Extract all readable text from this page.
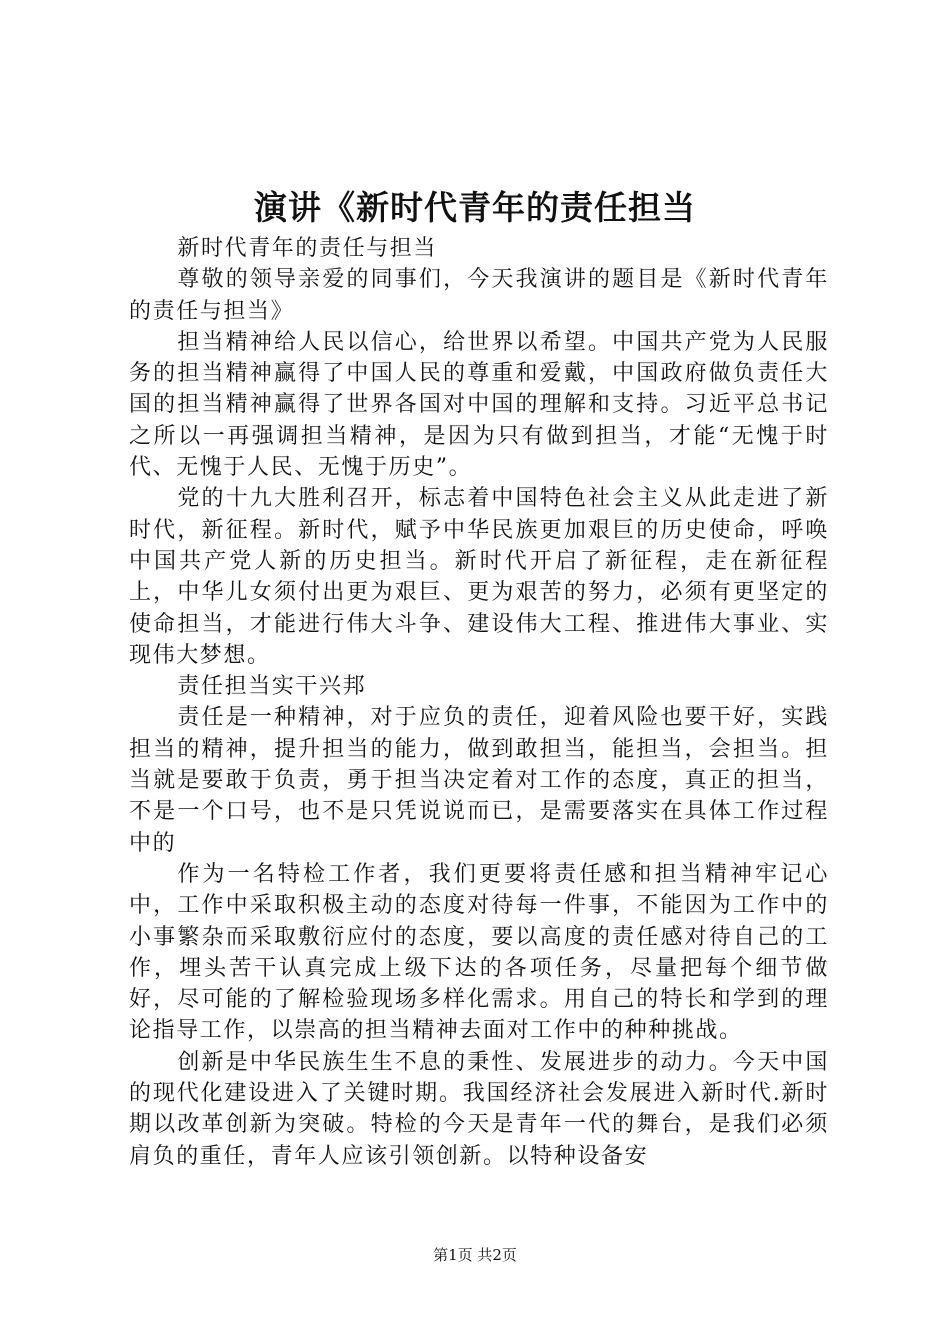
演讲《新时代青年的责任担当

新时代青年的责任与担当

尊敬的领导亲爱的同事们，今天我演讲的题目是《新时代青年的责任与担当》

担当精神给人民以信心，给世界以希望。中国共产党为人民服务的担当精神赢得了中国人民的尊重和爱戴，中国政府做负责任大国的担当精神赢得了世界各国对中国的理解和支持。习近平总书记之所以一再强调担当精神，是因为只有做到担当，才能“无愧于时代、无愧于人民、无愧于历史”。

党的十九大胜利召开，标志着中国特色社会主义从此走进了新时代，新征程。新时代，赋予中华民族更加艰巨的历史使命，呼唤中国共产党人新的历史担当。新时代开启了新征程，走在新征程上，中华儿女须付出更为艰巨、更为艰苦的努力，必须有更坚定的使命担当，才能进行伟大斗争、建设伟大工程、推进伟大事业、实现伟大梦想。

责任担当实干兴邦

责任是一种精神，对于应负的责任，迎着风险也要干好，实践担当的精神，提升担当的能力，做到敢担当，能担当，会担当。担当就是要敢于负责，勇于担当决定着对工作的态度，真正的担当，不是一个口号，也不是只凭说说而已，是需要落实在具体工作过程中的

作为一名特检工作者，我们更要将责任感和担当精神牢记心中，工作中采取积极主动的态度对待每一件事，不能因为工作中的小事繁杂而采取敷衍应付的态度，要以高度的责任感对待自己的工作，埋头苦干认真完成上级下达的各项任务，尽量把每个细节做好，尽可能的了解检验现场多样化需求。用自己的特长和学到的理论指导工作，以崇高的担当精神去面对工作中的种种挑战。

创新是中华民族生生不息的秉性、发展进步的动力。今天中国的现代化建设进入了关键时期。我国经济社会发展进入新时代.新时期以改革创新为突破。特检的今天是青年一代的舞台，是我们必须肩负的重任，青年人应该引领创新。以特种设备安

第1页 共2页
